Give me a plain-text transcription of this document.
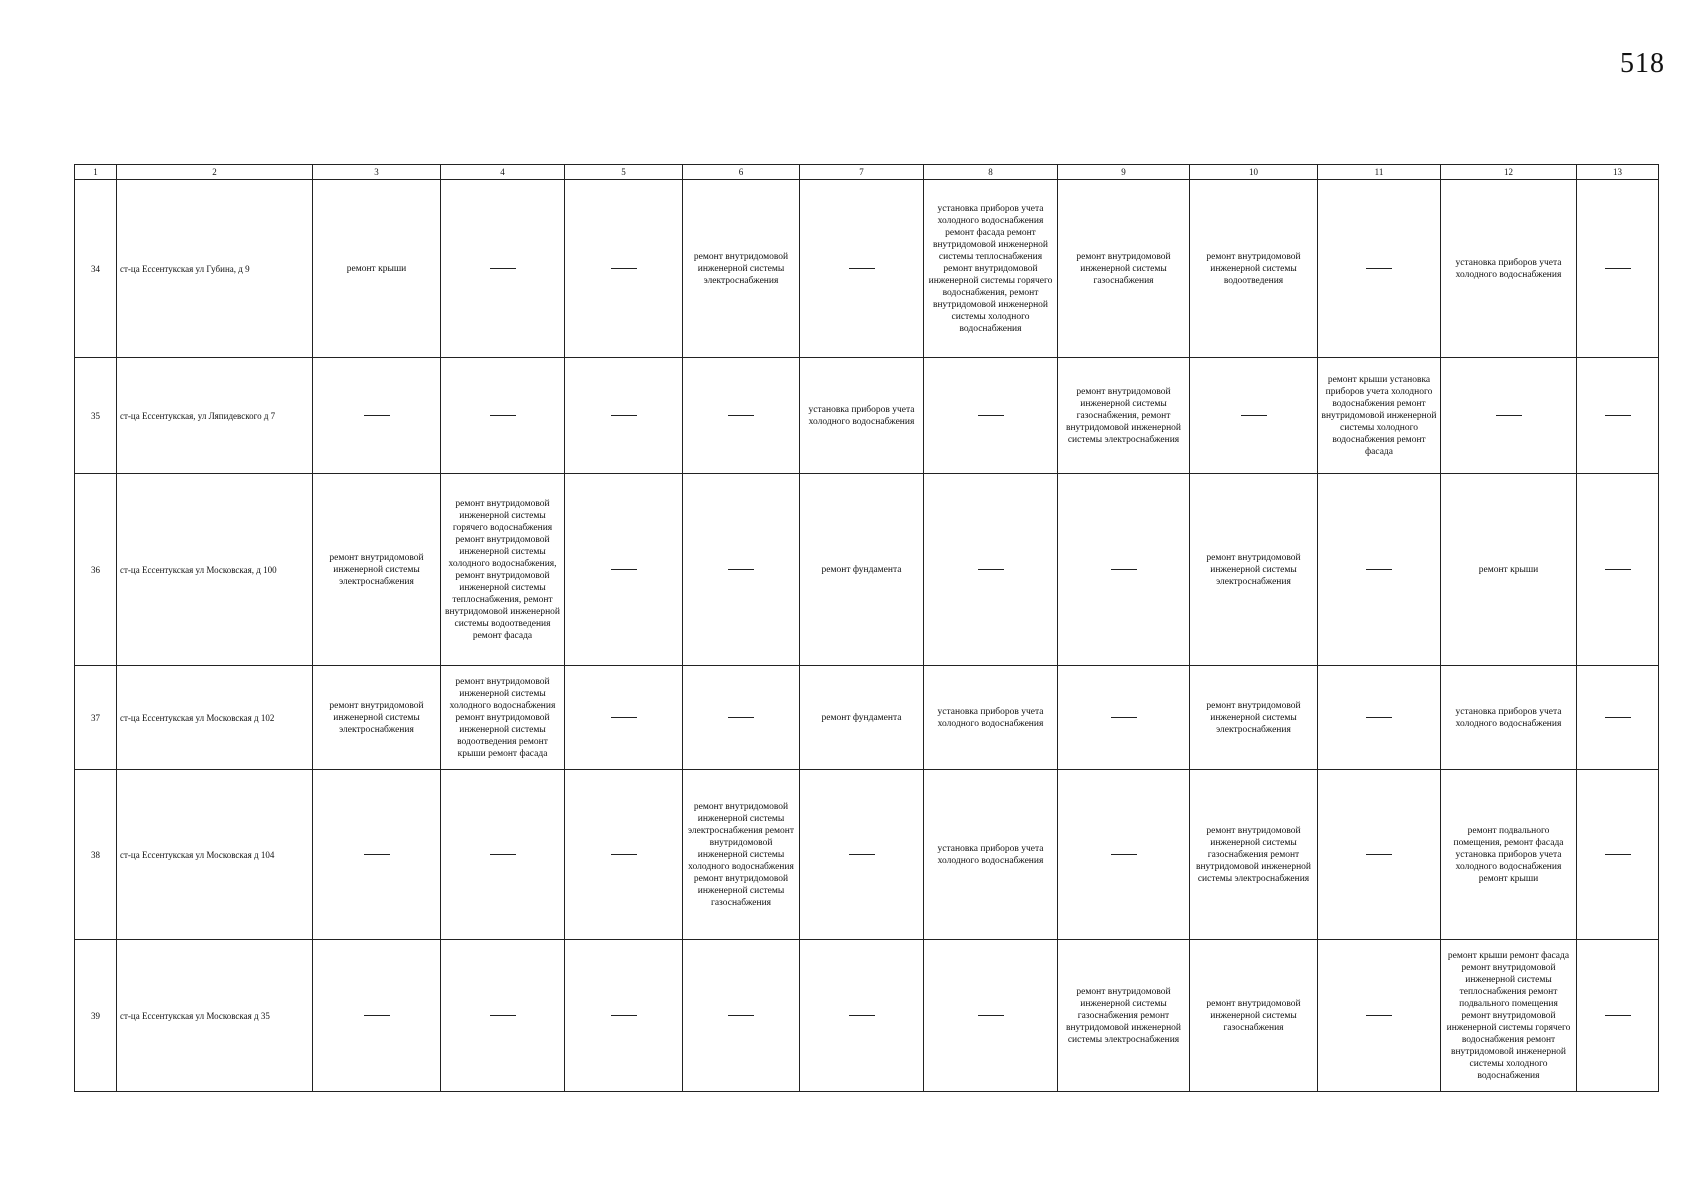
518
1	2	3	4	5	6	7	8	9	10	11	12	13
34	ст-ца Ессентукская ул Губина, д 9	ремонт крыши			ремонт внутридомовой инженерной системы электроснабжения		установка приборов учета холодного водоснабжения ремонт фасада ремонт внутридомовой инженерной системы теплоснабжения ремонт внутридомовой инженерной системы горячего водоснабжения, ремонт внутридомовой инженерной системы холодного водоснабжения	ремонт внутридомовой инженерной системы газоснабжения	ремонт внутридомовой инженерной системы водоотведения		установка приборов учета холодного водоснабжения	
35	ст-ца Ессентукская, ул Ляпидевского д 7					установка приборов учета холодного водоснабжения		ремонт внутридомовой инженерной системы газоснабжения, ремонт внутридомовой инженерной системы электроснабжения		ремонт крыши установка приборов учета холодного водоснабжения ремонт внутридомовой инженерной системы холодного водоснабжения ремонт фасада		
36	ст-ца Ессентукская ул Московская, д 100	ремонт внутридомовой инженерной системы электроснабжения	ремонт внутридомовой инженерной системы горячего водоснабжения ремонт внутридомовой инженерной системы холодного водоснабжения, ремонт внутридомовой инженерной системы теплоснабжения, ремонт внутридомовой инженерной системы водоотведения ремонт фасада			ремонт фундамента			ремонт внутридомовой инженерной системы электроснабжения		ремонт крыши	
37	ст-ца Ессентукская ул Московская д 102	ремонт внутридомовой инженерной системы электроснабжения	ремонт внутридомовой инженерной системы холодного водоснабжения ремонт внутридомовой инженерной системы водоотведения ремонт крыши ремонт фасада			ремонт фундамента	установка приборов учета холодного водоснабжения		ремонт внутридомовой инженерной системы электроснабжения		установка приборов учета холодного водоснабжения	
38	ст-ца Ессентукская ул Московская д 104				ремонт внутридомовой инженерной системы электроснабжения ремонт внутридомовой инженерной системы холодного водоснабжения ремонт внутридомовой инженерной системы газоснабжения		установка приборов учета холодного водоснабжения		ремонт внутридомовой инженерной системы газоснабжения ремонт внутридомовой инженерной системы электроснабжения		ремонт подвального помещения, ремонт фасада установка приборов учета холодного водоснабжения ремонт крыши	
39	ст-ца Ессентукская ул Московская д 35							ремонт внутридомовой инженерной системы газоснабжения ремонт внутридомовой инженерной системы электроснабжения	ремонт внутридомовой инженерной системы газоснабжения		ремонт крыши ремонт фасада ремонт внутридомовой инженерной системы теплоснабжения ремонт подвального помещения ремонт внутридомовой инженерной системы горячего водоснабжения ремонт внутридомовой инженерной системы холодного водоснабжения	
